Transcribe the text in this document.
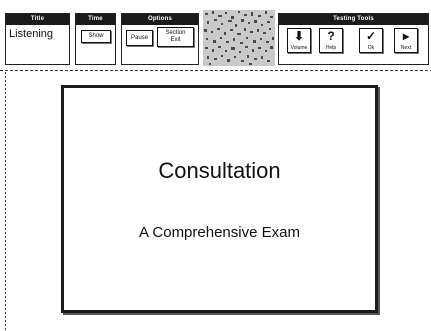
Title
Listening
Time
Show
Options
Pause
Section
Exit
Testing Tools
⬇
Volume
?
Help
✓
Ok
▸
Next
Consultation
A Comprehensive Exam
